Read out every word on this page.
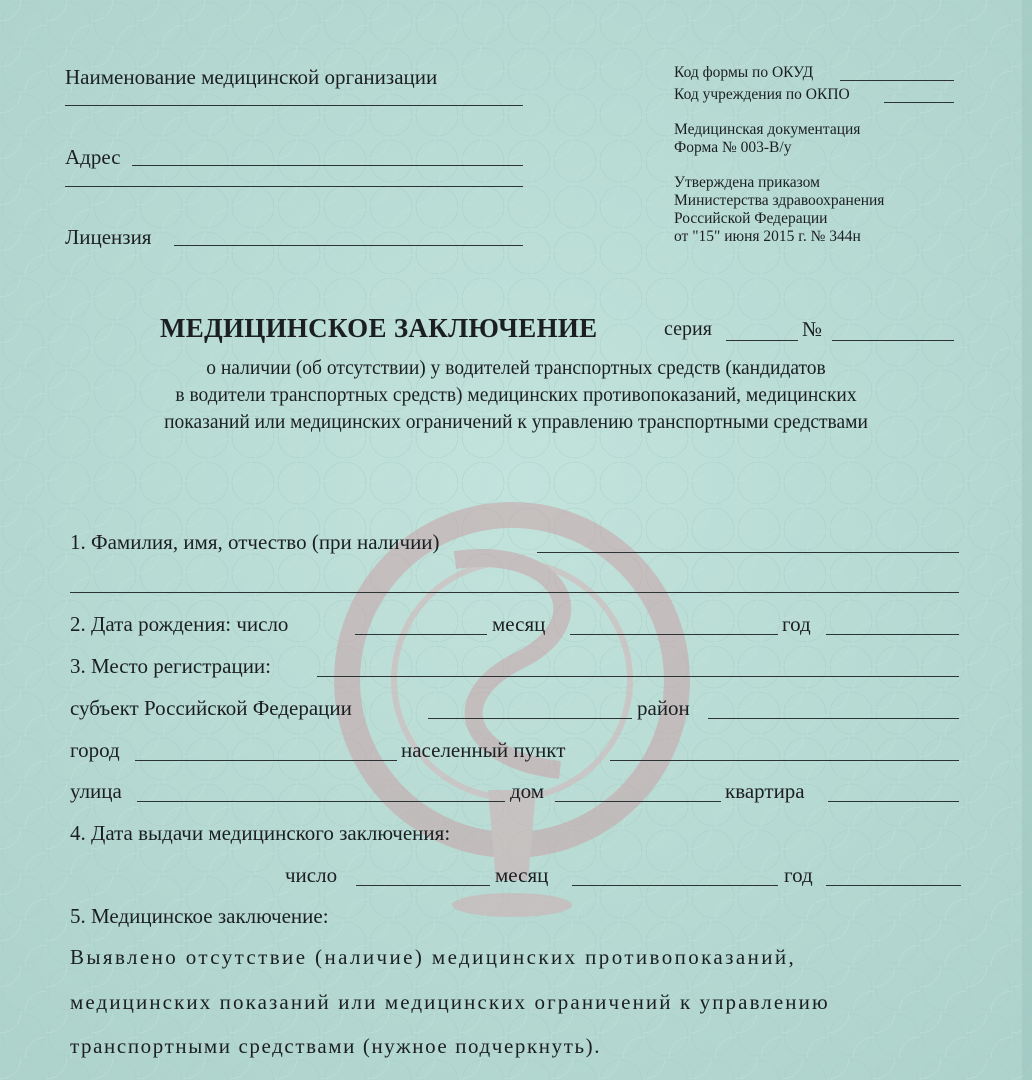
Наименование медицинской организации
Адрес
Лицензия
Код формы по ОКУД
Код учреждения по ОКПО
Медицинская документация
Форма № 003-В/у
Утверждена приказом
Министерства здравоохранения
Российской Федерации
от "15" июня 2015 г. № 344н
МЕДИЦИНСКОЕ ЗАКЛЮЧЕНИЕ	серия	№
о наличии (об отсутствии) у водителей транспортных средств (кандидатов
в водители транспортных средств) медицинских противопоказаний, медицинских
показаний или медицинских ограничений к управлению транспортными средствами
1. Фамилия, имя, отчество (при наличии)
2. Дата рождения: число	месяц	год
3. Место регистрации:
субъект Российской Федерации	район
город	населенный пункт
улица	дом	квартира
4. Дата выдачи медицинского заключения:
число	месяц	год
5. Медицинское заключение:
Выявлено отсутствие (наличие) медицинских противопоказаний,
медицинских показаний или медицинских ограничений к управлению
транспортными средствами (нужное подчеркнуть).
